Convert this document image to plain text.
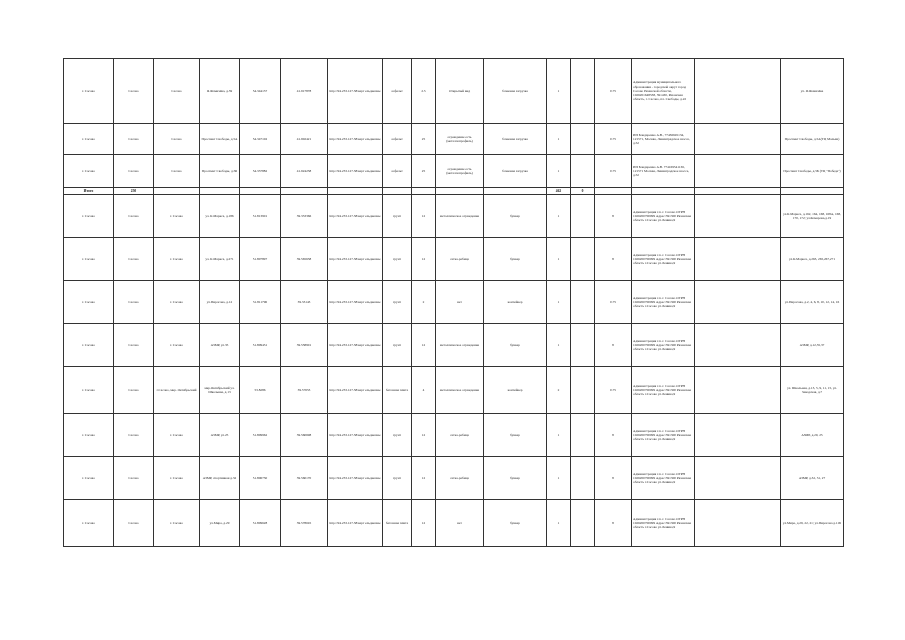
г. Сасово	Сасово	Сасово	Я.Фомичёва, д.39	54.344137	41.917878	http://94.233.127.38/карт ельдиезны	асфальт	2.5	Открытый вид	бочковая загрузка	1		0.75	Администрация муниципального образования - городской округ город Сасово Рязанской области, 1026201648538, 391430, Рязанская область, г. Сасово, пл. Свободы, д.22		ул. Я.Фомичёва
г. Сасово	Сасово	Сасово	Проспект Свободы, д.5А	54.347102	41.902421	http://94.233.127.38/карт ельдиезны	асфальт	25	ограждение есть (металлопрофиль)	бочковая загрузка	1		0.75	ИП Бондаренко А.В., 77436945134, 121571, Москва, Ленинградское шоссе, д.52		Проспект Свободы, д.5А(ТЦ Малыш)
г. Сасово	Сасово	Сасово	Проспект Свободы, д.5Б	54.337882	41.924238	http://94.233.127.38/карт ельдиезны	асфальт	25	ограждение есть (металлопрофиль)	бочковая загрузка	1		0.75	ИП Бондаренко А.В. 774169541136, 121571 Москва, Ленинградское шоссе, д.52		Проспект Свободы, д.5Б (ТЦ "Победа")
Итого	250										462	0				
г. Сасово	Сасово	г. Сасово	ул. К.Маркса, д.186	51.813901	39.333366	http://94.233.127.38/карт ельдиезны	грунт	12	металлическое ограждение	бункер	1		8	Администрация г.п. г. Сасово ОГРН 1026200700099 Адрес:391300 Рязанская область г.Сасово ул.Ленина,9		ул.К.Маркса, д.162, 164, 168, 168А, 168, 170, 172; ул.Комарова,д.19
г. Сасово	Сасово	г. Сасово	ул. К.Маркса, д.271	51.807897	39.565638	http://94.233.127.38/карт ельдиезны	грунт	12	сетка-рабица	бункер	1		8	Администрация г.п. г. Сасово ОГРН 1026200700099 Адрес:391300 Рязанская область г.Сасово ул.Ленина,9		ул.К.Маркса, д.263, 265,267,271
г. Сасово	Сасово	г. Сасово	ул.Пирогова, д.12	51.811796	39.33143	http://94.233.127.38/карт ельдиезны	грунт	2	нет	контейнер	1		0.75	Администрация г.п. г. Сасово ОГРН 1026200700099 Адрес:391300 Рязанская область г.Сасово ул.Ленина,9		ул.Пирогова, д.2, 4, 6, 8, 10, 12, 14, 16
г. Сасово	Сасово	г. Сасово	АЗМР, ул.35	51.809431	39.558901	http://94.233.127.38/карт ельдиезны	грунт	12	металлическое ограждение	бункер	1		8	Администрация г.п. г. Сасово ОГРН 1026200700099 Адрес:391300 Рязанская область г.Сасово ул.Ленина,9		АЗМР, д.12,35,37
г. Сасово	Сасово	г.Сасово, мкр. Октябрьский	мкр.Октябрьский ул. Школьная, д.13	53.8286	39.57653	http://94.233.127.38/карт ельдиезны	бетонная плита	4	металлическое ограждение	контейнер	2		0.75	Администрация г.п. г. Сасово ОГРН 1026200700099 Адрес:391300 Рязанская область г.Сасово ул.Ленина,9		ул. Школьная, д.13, 5, 9, 11, 15, ул. Заводская, д.7
г. Сасово	Сасово	г. Сасово	АЗМР, ул.25	51.809962	39.560698	http://94.233.127.38/карт ельдиезны	грунт	12	сетка-рабица	бункер	1		8	Администрация г.п. г. Сасово ОГРН 1026200700099 Адрес:391300 Рязанская область г.Сасово ул.Ленина,9		АЗМР, д.20, 25
г. Сасово	Сасово	г. Сасово	АЗМР, спортивная д.32	51.806730	39.560170	http://94.233.127.38/карт ельдиезны	грунт	12	сетка-рабица	бункер	1		8	Администрация г.п. г. Сасово ОГРН 1026200700099 Адрес:391300 Рязанская область г.Сасово ул.Ленина,9		АЗМР, д.32, 31, 27
г. Сасово	Сасово	г. Сасово	ул.Мира, д.29	51.809628	39.578045	http://94.233.127.38/карт ельдиезны	бетонная плита	12	нет	бункер	1		8	Администрация г.п. г. Сасово ОГРН 1026200700099 Адрес:391300 Рязанская область г.Сасово ул.Ленина,9		ул.Мира, д.29, 22, 21; ул.Пирогова д.11Б
